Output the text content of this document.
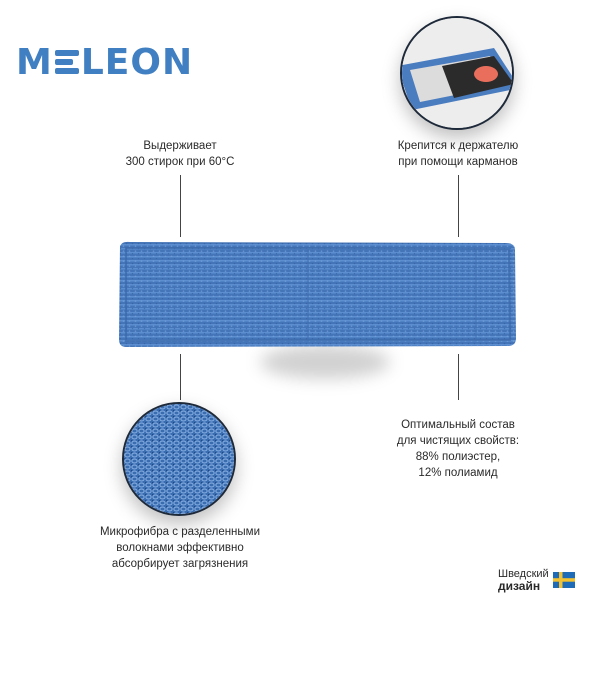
M LEON
Выдерживает
300 стирок при 60°C
Крепится к держателю
при помощи карманов
Оптимальный состав
для чистящих свойств:
88% полиэстер,
12% полиамид
Микрофибра с разделенными
волокнами эффективно
абсорбирует загрязнения
Шведский
дизайн
